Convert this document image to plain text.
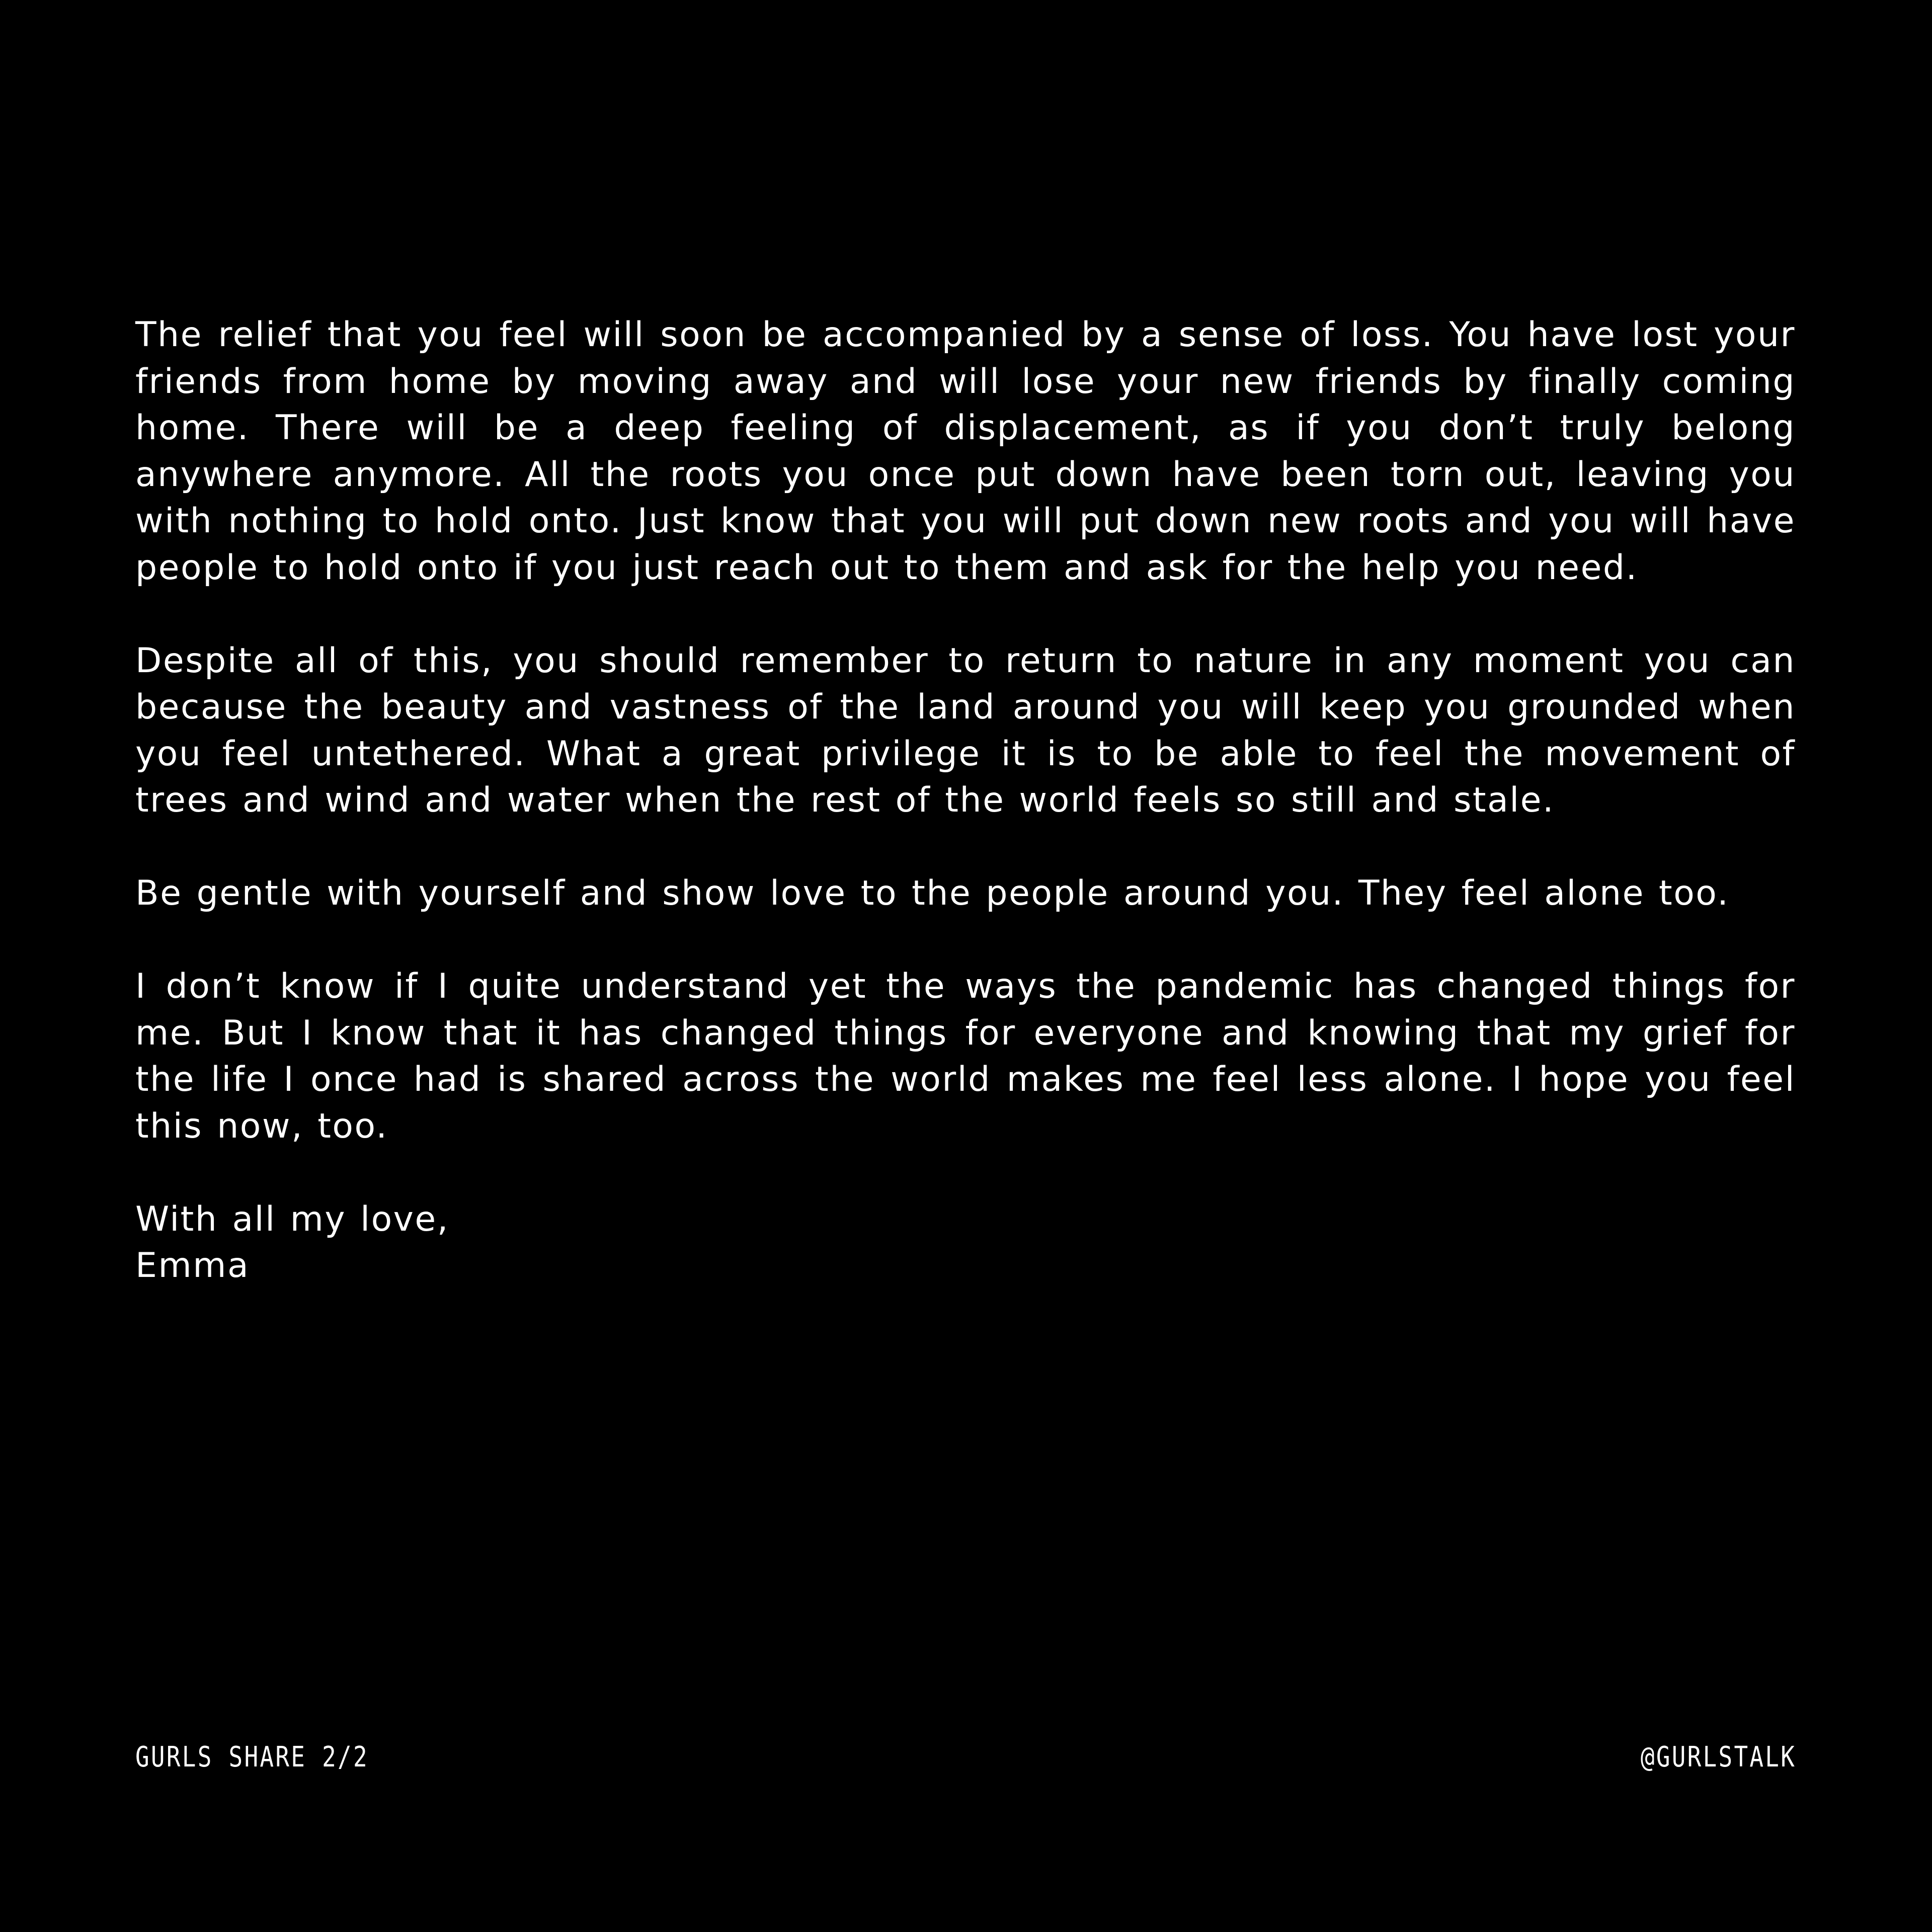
The relief that you feel will soon be accompanied by a sense of loss. You have lost your friends from home by moving away and will lose your new friends by finally coming home. There will be a deep feeling of displacement, as if you don’t truly belong anywhere anymore. All the roots you once put down have been torn out, leaving you with nothing to hold onto. Just know that you will put down new roots and you will have people to hold onto if you just reach out to them and ask for the help you need.

Despite all of this, you should remember to return to nature in any moment you can because the beauty and vastness of the land around you will keep you grounded when you feel untethered. What a great privilege it is to be able to feel the movement of trees and wind and water when the rest of the world feels so still and stale.

Be gentle with yourself and show love to the people around you. They feel alone too.

I don’t know if I quite understand yet the ways the pandemic has changed things for me. But I know that it has changed things for everyone and knowing that my grief for the life I once had is shared across the world makes me feel less alone. I hope you feel this now, too.

With all my love,
Emma

GURLS SHARE 2/2	@GURLSTALK
